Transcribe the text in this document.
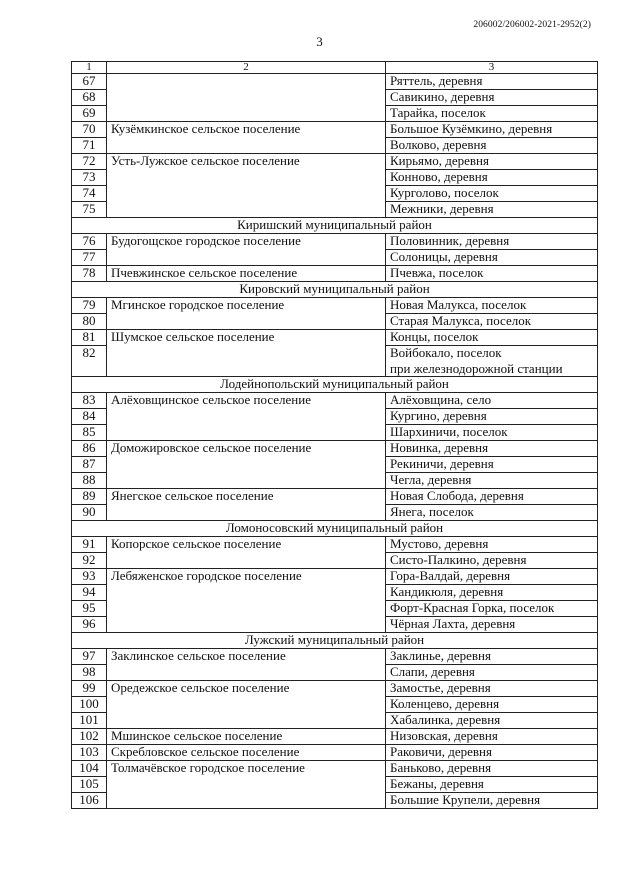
206002/206002-2021-2952(2)
3
1	2	3
67		Ряттель, деревня
68		Савикино, деревня
69		Тарайка, поселок
70	Кузёмкинское сельское поселение	Большое Кузёмкино, деревня
71		Волково, деревня
72	Усть-Лужское сельское поселение	Кирьямо, деревня
73		Конново, деревня
74		Курголово, поселок
75		Межники, деревня
Киришский муниципальный район		
76	Будогощское городское поселение	Половинник, деревня
77		Солоницы, деревня
78	Пчевжинское сельское поселение	Пчевжа, поселок
Кировский муниципальный район		
79	Мгинское городское поселение	Новая Малукса, поселок
80		Старая Малукса, поселок
81	Шумское сельское поселение	Концы, поселок
82		Войбокало, поселок
при железнодорожной станции

Лодейнопольский муниципальный район		
83	Алёховщинское сельское поселение	Алёховщина, село
84		Кургино, деревня
85		Шархиничи, поселок
86	Доможировское сельское поселение	Новинка, деревня
87		Рекиничи, деревня
88		Чегла, деревня
89	Янегское сельское поселение	Новая Слобода, деревня
90		Янега, поселок
Ломоносовский муниципальный район		
91	Копорское сельское поселение	Мустово, деревня
92		Систо-Палкино, деревня
93	Лебяженское городское поселение	Гора-Валдай, деревня
94		Кандикюля, деревня
95		Форт-Красная Горка, поселок
96		Чёрная Лахта, деревня
Лужский муниципальный район		
97	Заклинское сельское поселение	Заклинье, деревня
98		Слапи, деревня
99	Оредежское сельское поселение	Замостье, деревня
100		Коленцево, деревня
101		Хабалинка, деревня
102	Мшинское сельское поселение	Низовская, деревня
103	Скребловское сельское поселение	Раковичи, деревня
104	Толмачёвское городское поселение	Баньково, деревня
105		Бежаны, деревня
106		Большие Крупели, деревня
